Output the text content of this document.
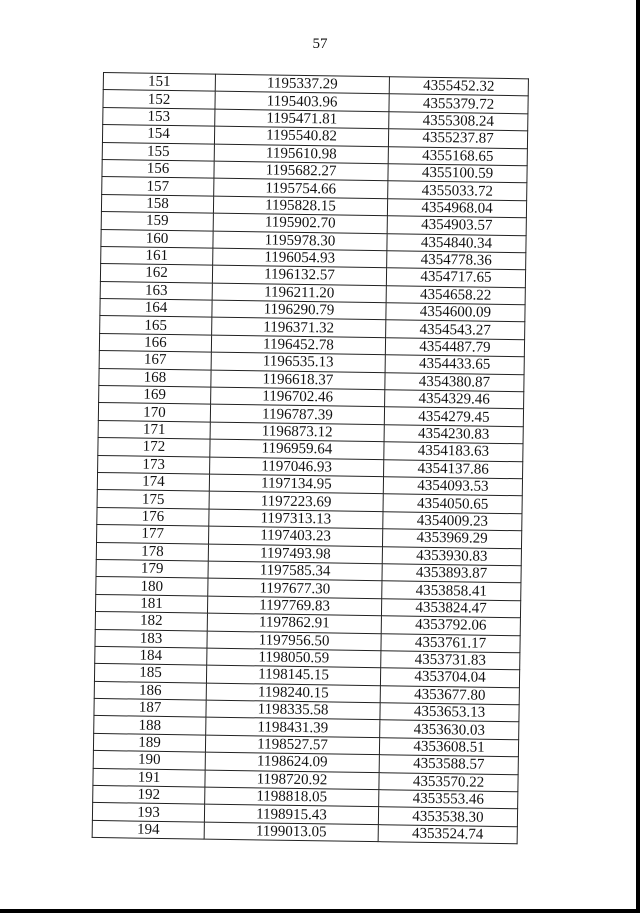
57
151	1195337.29	4355452.32
152	1195403.96	4355379.72
153	1195471.81	4355308.24
154	1195540.82	4355237.87
155	1195610.98	4355168.65
156	1195682.27	4355100.59
157	1195754.66	4355033.72
158	1195828.15	4354968.04
159	1195902.70	4354903.57
160	1195978.30	4354840.34
161	1196054.93	4354778.36
162	1196132.57	4354717.65
163	1196211.20	4354658.22
164	1196290.79	4354600.09
165	1196371.32	4354543.27
166	1196452.78	4354487.79
167	1196535.13	4354433.65
168	1196618.37	4354380.87
169	1196702.46	4354329.46
170	1196787.39	4354279.45
171	1196873.12	4354230.83
172	1196959.64	4354183.63
173	1197046.93	4354137.86
174	1197134.95	4354093.53
175	1197223.69	4354050.65
176	1197313.13	4354009.23
177	1197403.23	4353969.29
178	1197493.98	4353930.83
179	1197585.34	4353893.87
180	1197677.30	4353858.41
181	1197769.83	4353824.47
182	1197862.91	4353792.06
183	1197956.50	4353761.17
184	1198050.59	4353731.83
185	1198145.15	4353704.04
186	1198240.15	4353677.80
187	1198335.58	4353653.13
188	1198431.39	4353630.03
189	1198527.57	4353608.51
190	1198624.09	4353588.57
191	1198720.92	4353570.22
192	1198818.05	4353553.46
193	1198915.43	4353538.30
194	1199013.05	4353524.74
